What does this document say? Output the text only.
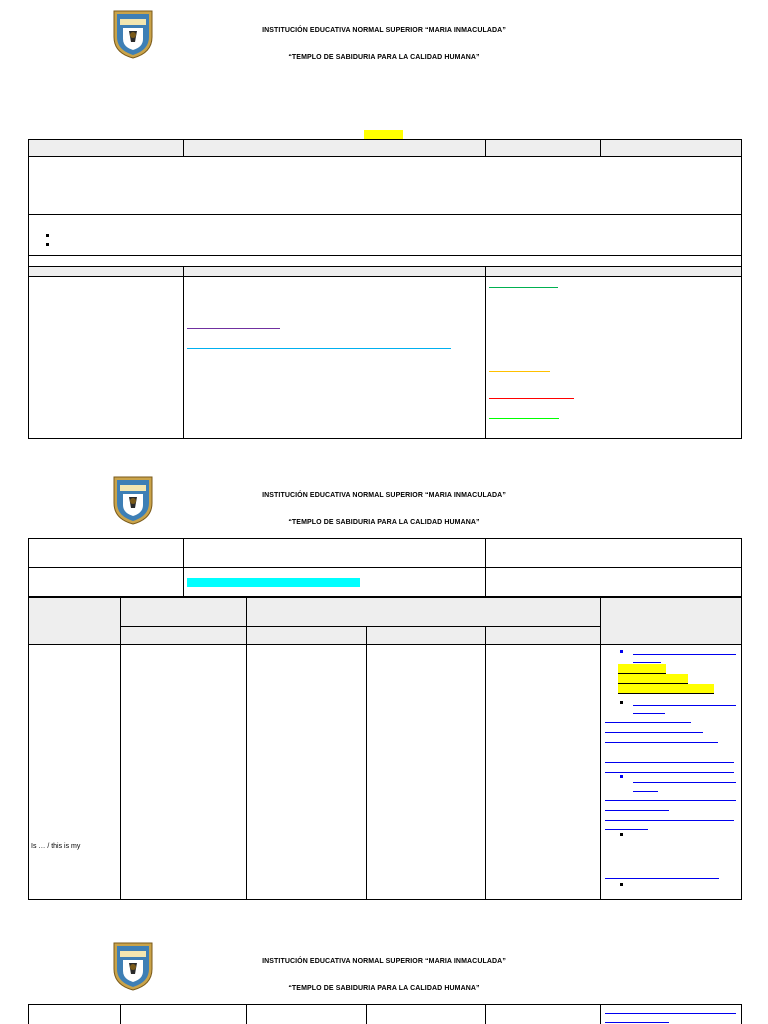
INSTITUCIÓN EDUCATIVA NORMAL SUPERIOR “MARIA INMACULADA”
“TEMPLO DE SABIDURIA PARA LA CALIDAD HUMANA”
INSTITUCIÓN EDUCATIVA NORMAL SUPERIOR “MARIA INMACULADA”
“TEMPLO DE SABIDURIA PARA LA CALIDAD HUMANA”
Is … / this is my
INSTITUCIÓN EDUCATIVA NORMAL SUPERIOR “MARIA INMACULADA”
“TEMPLO DE SABIDURIA PARA LA CALIDAD HUMANA”
